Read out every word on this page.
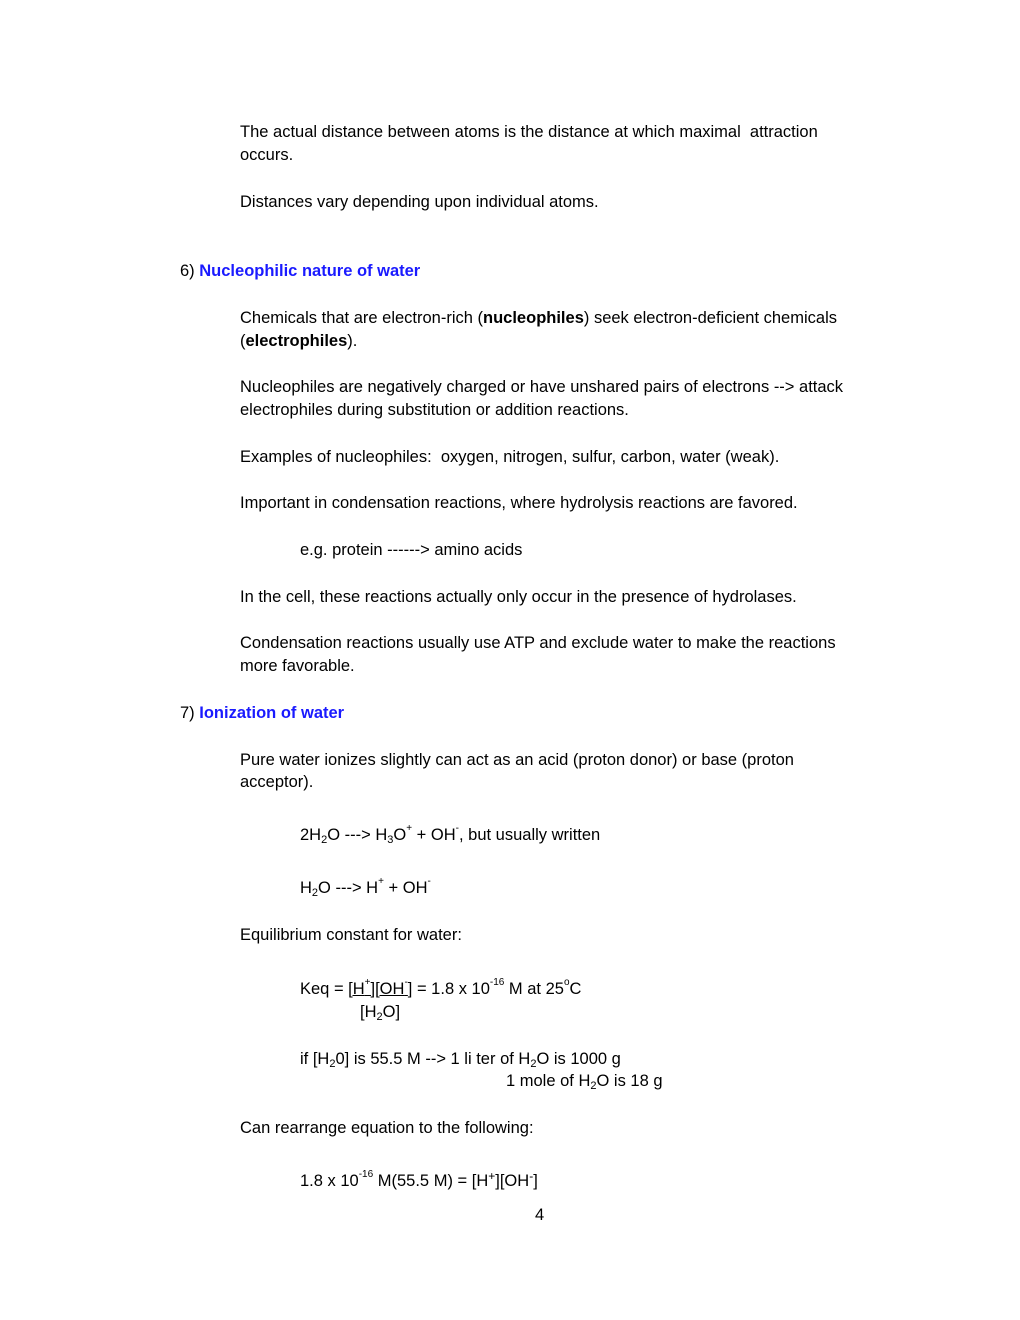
The actual distance between atoms is the distance at which maximal  attraction
occurs.
Distances vary depending upon individual atoms.
6) Nucleophilic nature of water
Chemicals that are electron-rich (nucleophiles) seek electron-deficient chemicals
(electrophiles).
Nucleophiles are negatively charged or have unshared pairs of electrons --> attack
electrophiles during substitution or addition reactions.
Examples of nucleophiles:  oxygen, nitrogen, sulfur, carbon, water (weak).
Important in condensation reactions, where hydrolysis reactions are favored.
e.g. protein ------> amino acids
In the cell, these reactions actually only occur in the presence of hydrolases.
Condensation reactions usually use ATP and exclude water to make the reactions
more favorable.
7) Ionization of water
Pure water ionizes slightly can act as an acid (proton donor) or base (proton
acceptor).
$2H_2O$ ---> $H_3O^+ + OH^-$, but usually written
$H_2O$ ---> H+ + OH-
Equilibrium constant for water:
Keq = [H+][OH-] = 1.8 x $10^{-16}$ M at 25$^o$C
$[H_2O]$
if $[H_20]$ is 55.5 M --> 1 li ter of $H_2O$ is 1000 g
1 mole of $H_2O$ is 18 g
Can rearrange equation to the following:
1.8 x $10^{-16}$ M(55.5 M) = [H+][OH-]
4
